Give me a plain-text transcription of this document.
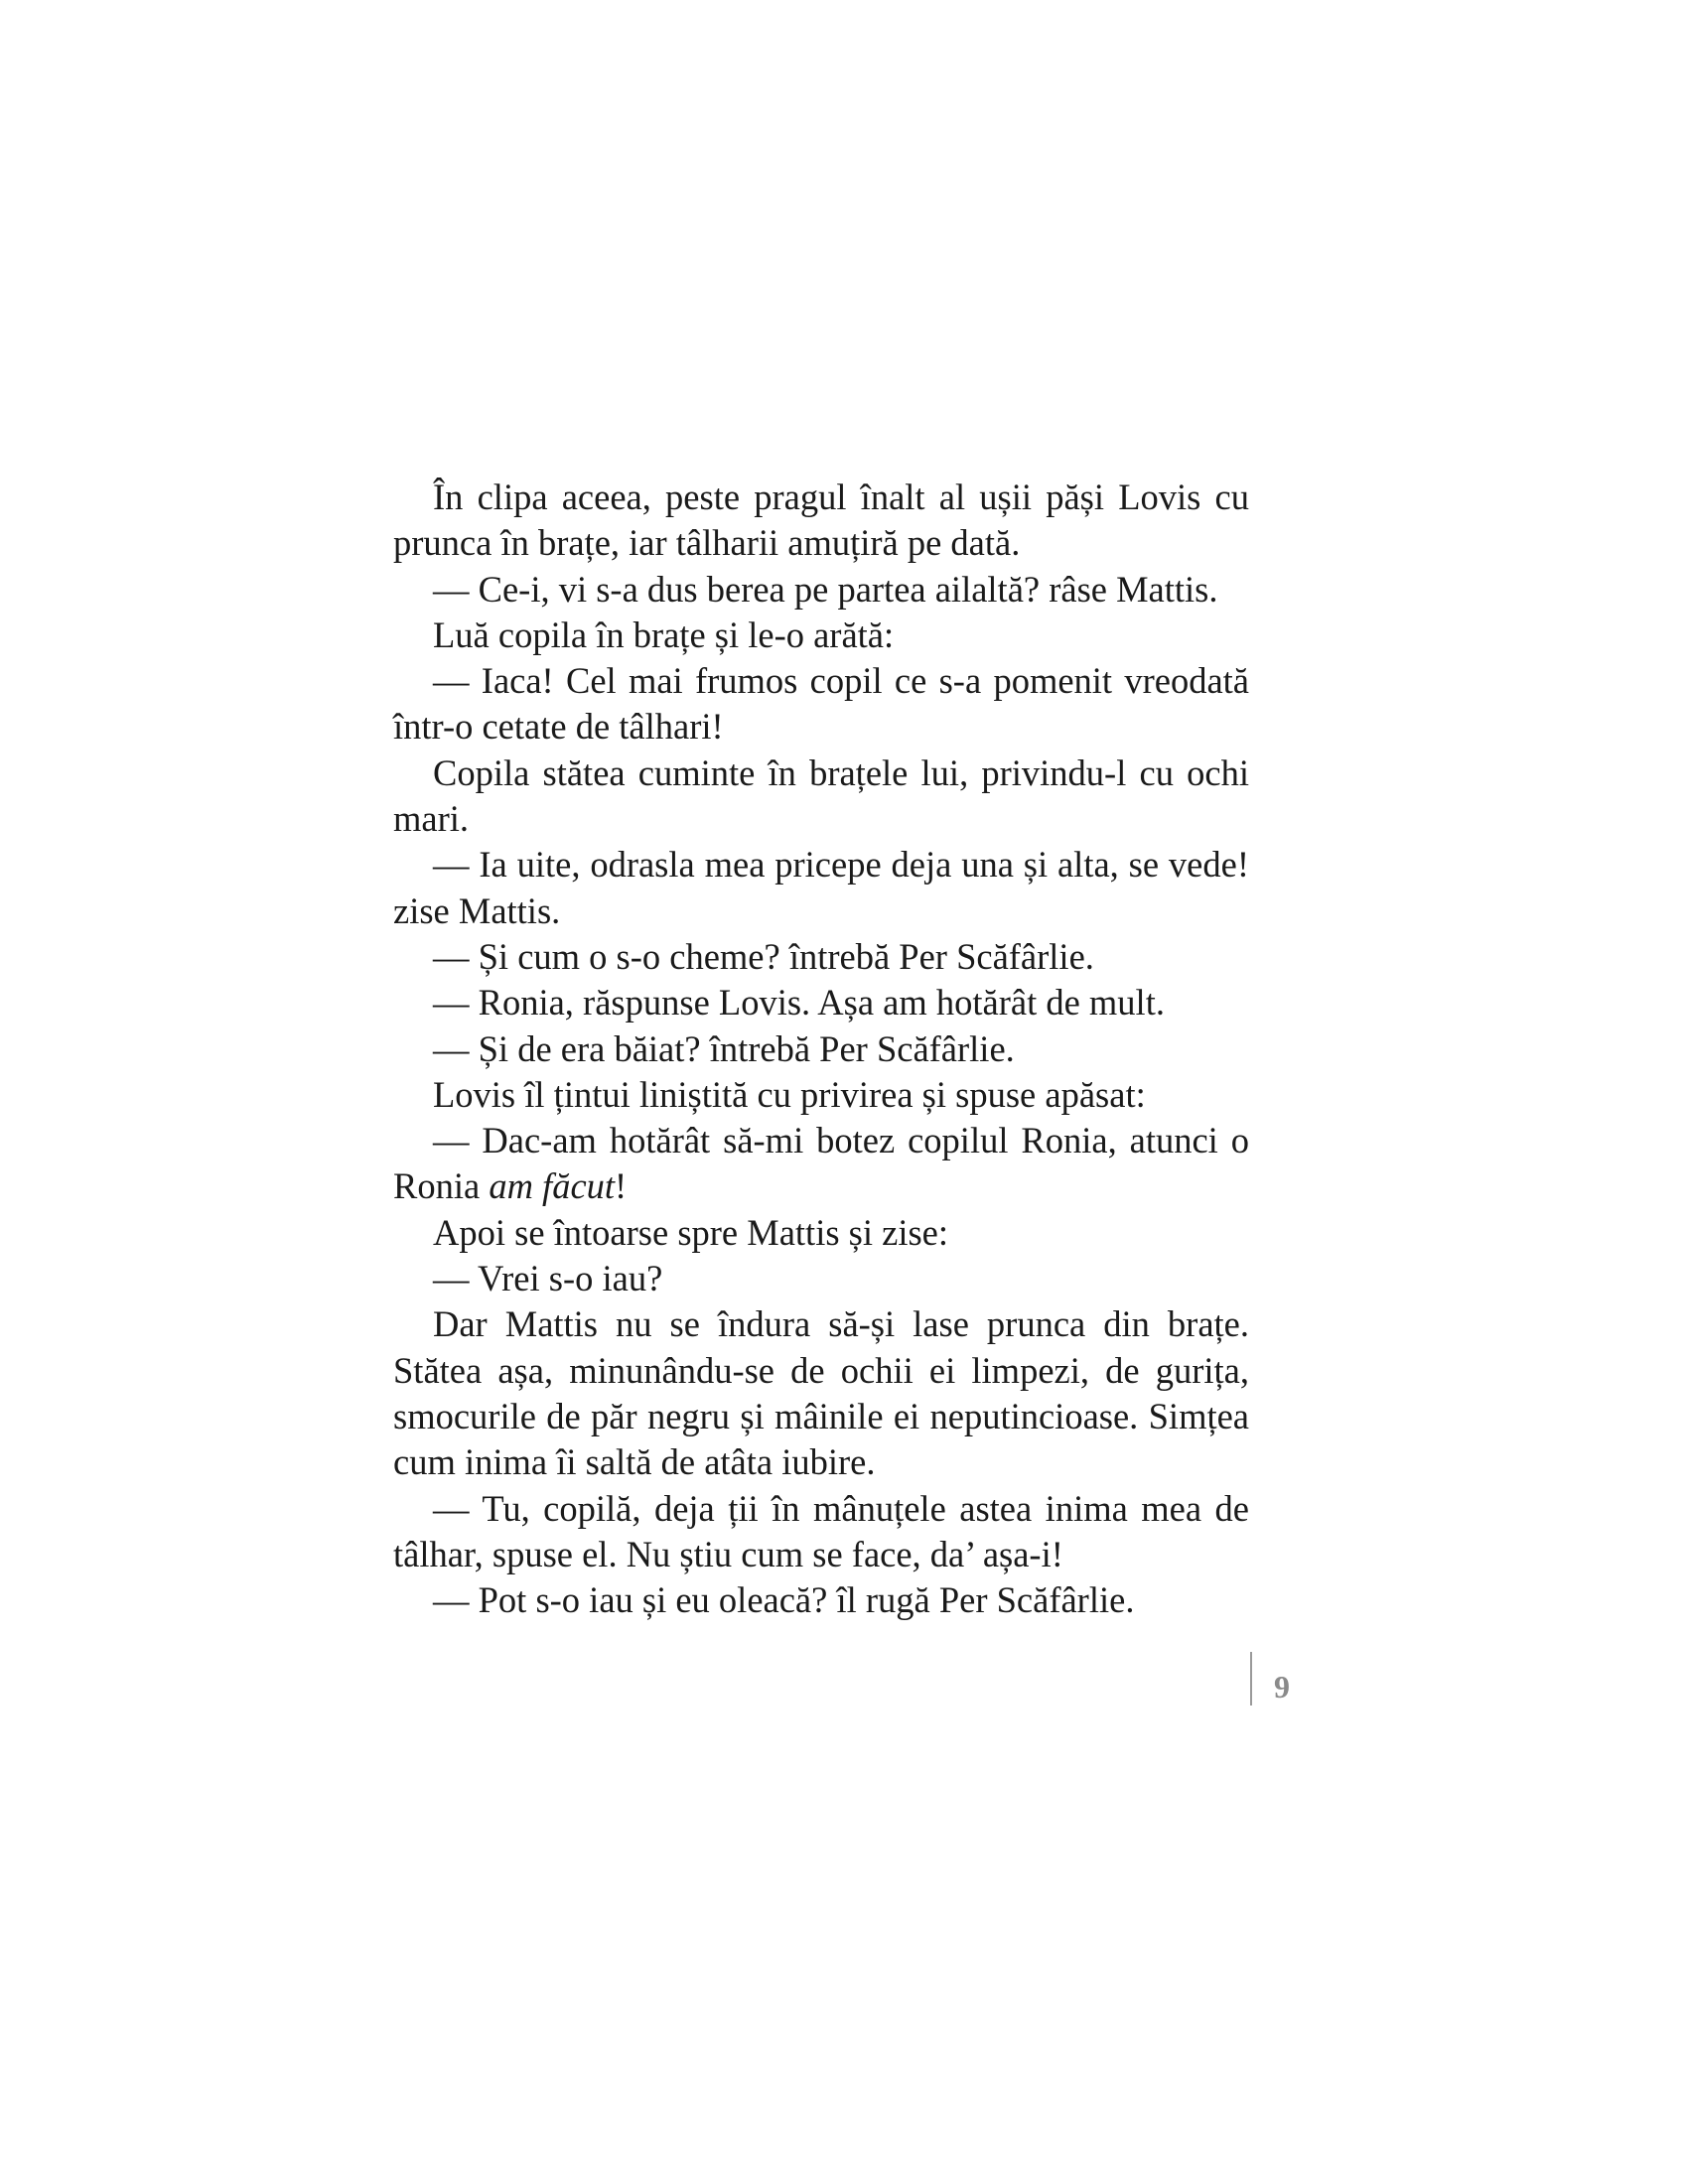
În clipa aceea, peste pragul înalt al ușii păși Lovis cu prunca în brațe, iar tâlharii amuțiră pe dată.

— Ce-i, vi s-a dus berea pe partea ailaltă? râse Mattis.

Luă copila în brațe și le-o arătă:

— Iaca! Cel mai frumos copil ce s-a pomenit vreodată într-o cetate de tâlhari!

Copila stătea cuminte în brațele lui, privindu-l cu ochi mari.

— Ia uite, odrasla mea pricepe deja una și alta, se vede! zise Mattis.

— Și cum o s-o cheme? întrebă Per Scăfârlie.

— Ronia, răspunse Lovis. Așa am hotărât de mult.

— Și de era băiat? întrebă Per Scăfârlie.

Lovis îl țintui liniștită cu privirea și spuse apăsat:

— Dac-am hotărât să-mi botez copilul Ronia, atunci o Ronia am făcut!

Apoi se întoarse spre Mattis și zise:

— Vrei s-o iau?

Dar Mattis nu se îndura să-și lase prunca din brațe. Stătea așa, minunându-se de ochii ei limpezi, de gurița, smocurile de păr negru și mâinile ei neputincioase. Simțea cum inima îi saltă de atâta iubire.

— Tu, copilă, deja ții în mânuțele astea inima mea de tâlhar, spuse el. Nu știu cum se face, da’ așa-i!

— Pot s-o iau și eu oleacă? îl rugă Per Scăfârlie.

9
